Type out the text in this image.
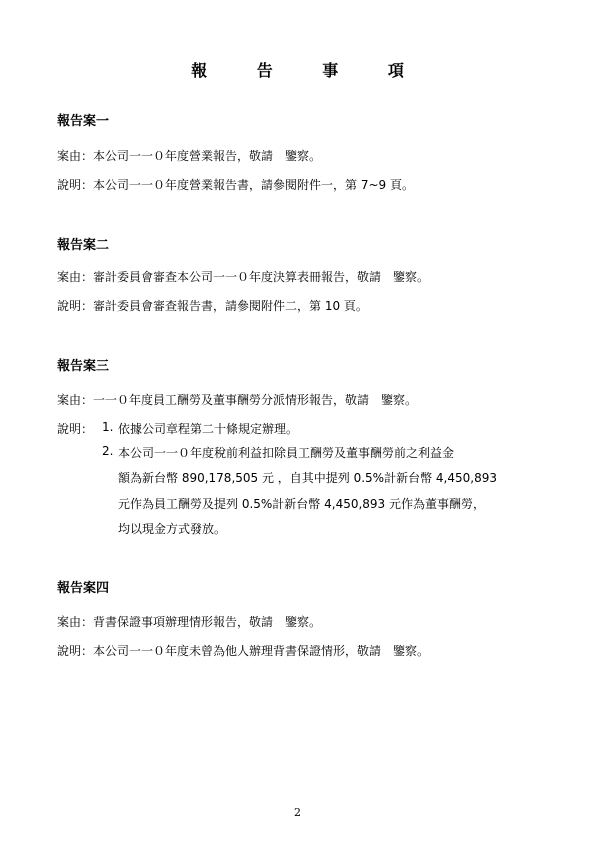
報 告 事 項
報告案一
案由：本公司一一０年度營業報告，敬請　鑒察。
說明：本公司一一０年度營業報告書，請參閱附件一，第 7~9 頁。
報告案二
案由：審計委員會審查本公司一一０年度決算表冊報告，敬請　鑒察。
說明：審計委員會審查報告書，請參閱附件二，第 10 頁。
報告案三
案由：一一０年度員工酬勞及董事酬勞分派情形報告，敬請　鑒察。
說明： 1. 依據公司章程第二十條規定辦理。
2. 本公司一一０年度稅前利益扣除員工酬勞及董事酬勞前之利益金
額為新台幣 890,178,505 元 ，自其中提列 0.5%計新台幣 4,450,893
元作為員工酬勞及提列 0.5%計新台幣 4,450,893 元作為董事酬勞，
均以現金方式發放。
報告案四
案由：背書保證事項辦理情形報告，敬請　鑒察。
說明：本公司一一０年度未曾為他人辦理背書保證情形，敬請　鑒察。
2
